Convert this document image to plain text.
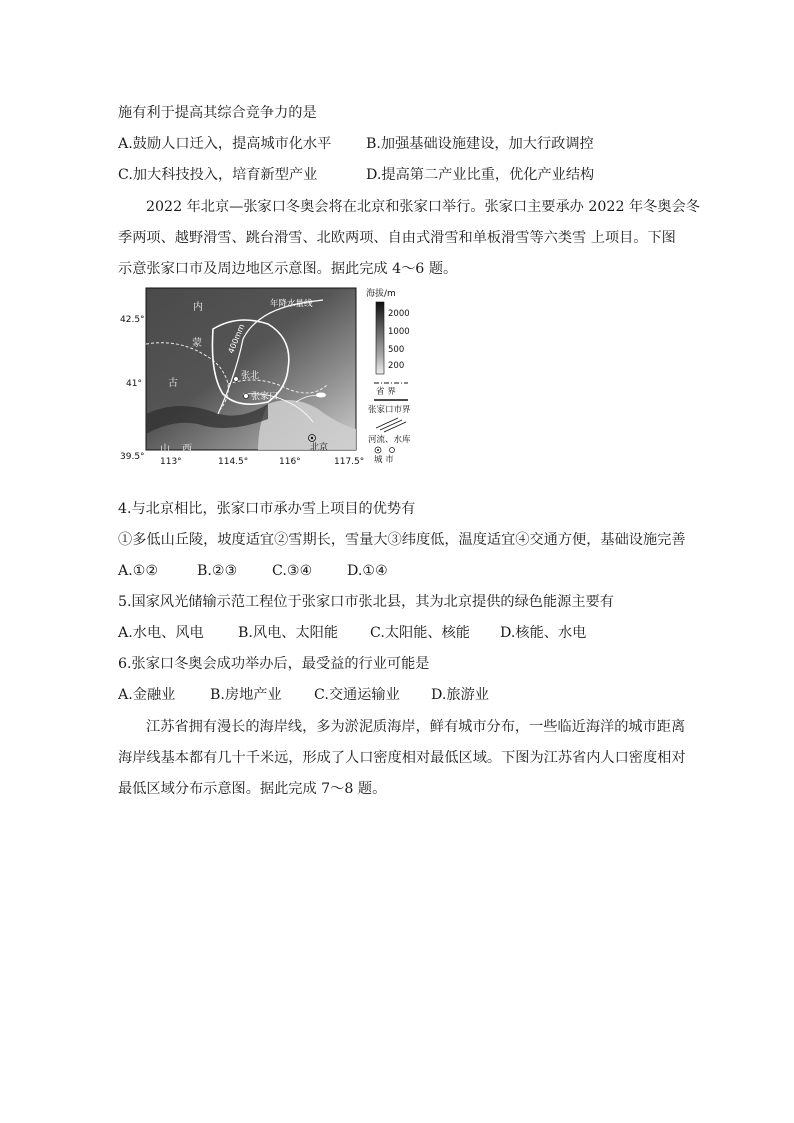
施有利于提高其综合竞争力的是
A.鼓励人口迁入，提高城市化水平 B.加强基础设施建设，加大行政调控
C.加大科技投入，培育新型产业	D.提高第二产业比重，优化产业结构
2022 年北京—张家口冬奥会将在北京和张家口举行。张家口主要承办 2022 年冬奥会冬
季两项、越野滑雪、跳台滑雪、北欧两项、自由式滑雪和单板滑雪等六类雪 上项目。下图
示意张家口市及周边地区示意图。据此完成 4～6 题。
42.5°
41°
39.5° 113°	114.5°	116°	117.5°
内
蒙
古
山 西
年降水量线
400mm
张北
张家口
北京
海拔/m
2000
1000
500
200
省 界
张家口市界
河流、水库
城 市
4.与北京相比，张家口市承办雪上项目的优势有
①多低山丘陵，坡度适宜②雪期长，雪量大③纬度低，温度适宜④交通方便，基础设施完善
A.①②	B.②③ C.③④ D.①④
5.国家风光储输示范工程位于张家口市张北县，其为北京提供的绿色能源主要有
A.水电、风电 B.风电、太阳能 C.太阳能、核能 D.核能、水电
6.张家口冬奥会成功举办后，最受益的行业可能是
A.金融业 B.房地产业 C.交通运输业 D.旅游业
江苏省拥有漫长的海岸线，多为淤泥质海岸，鲜有城市分布，一些临近海洋的城市距离
海岸线基本都有几十千米远，形成了人口密度相对最低区域。下图为江苏省内人口密度相对
最低区域分布示意图。据此完成 7～8 题。
